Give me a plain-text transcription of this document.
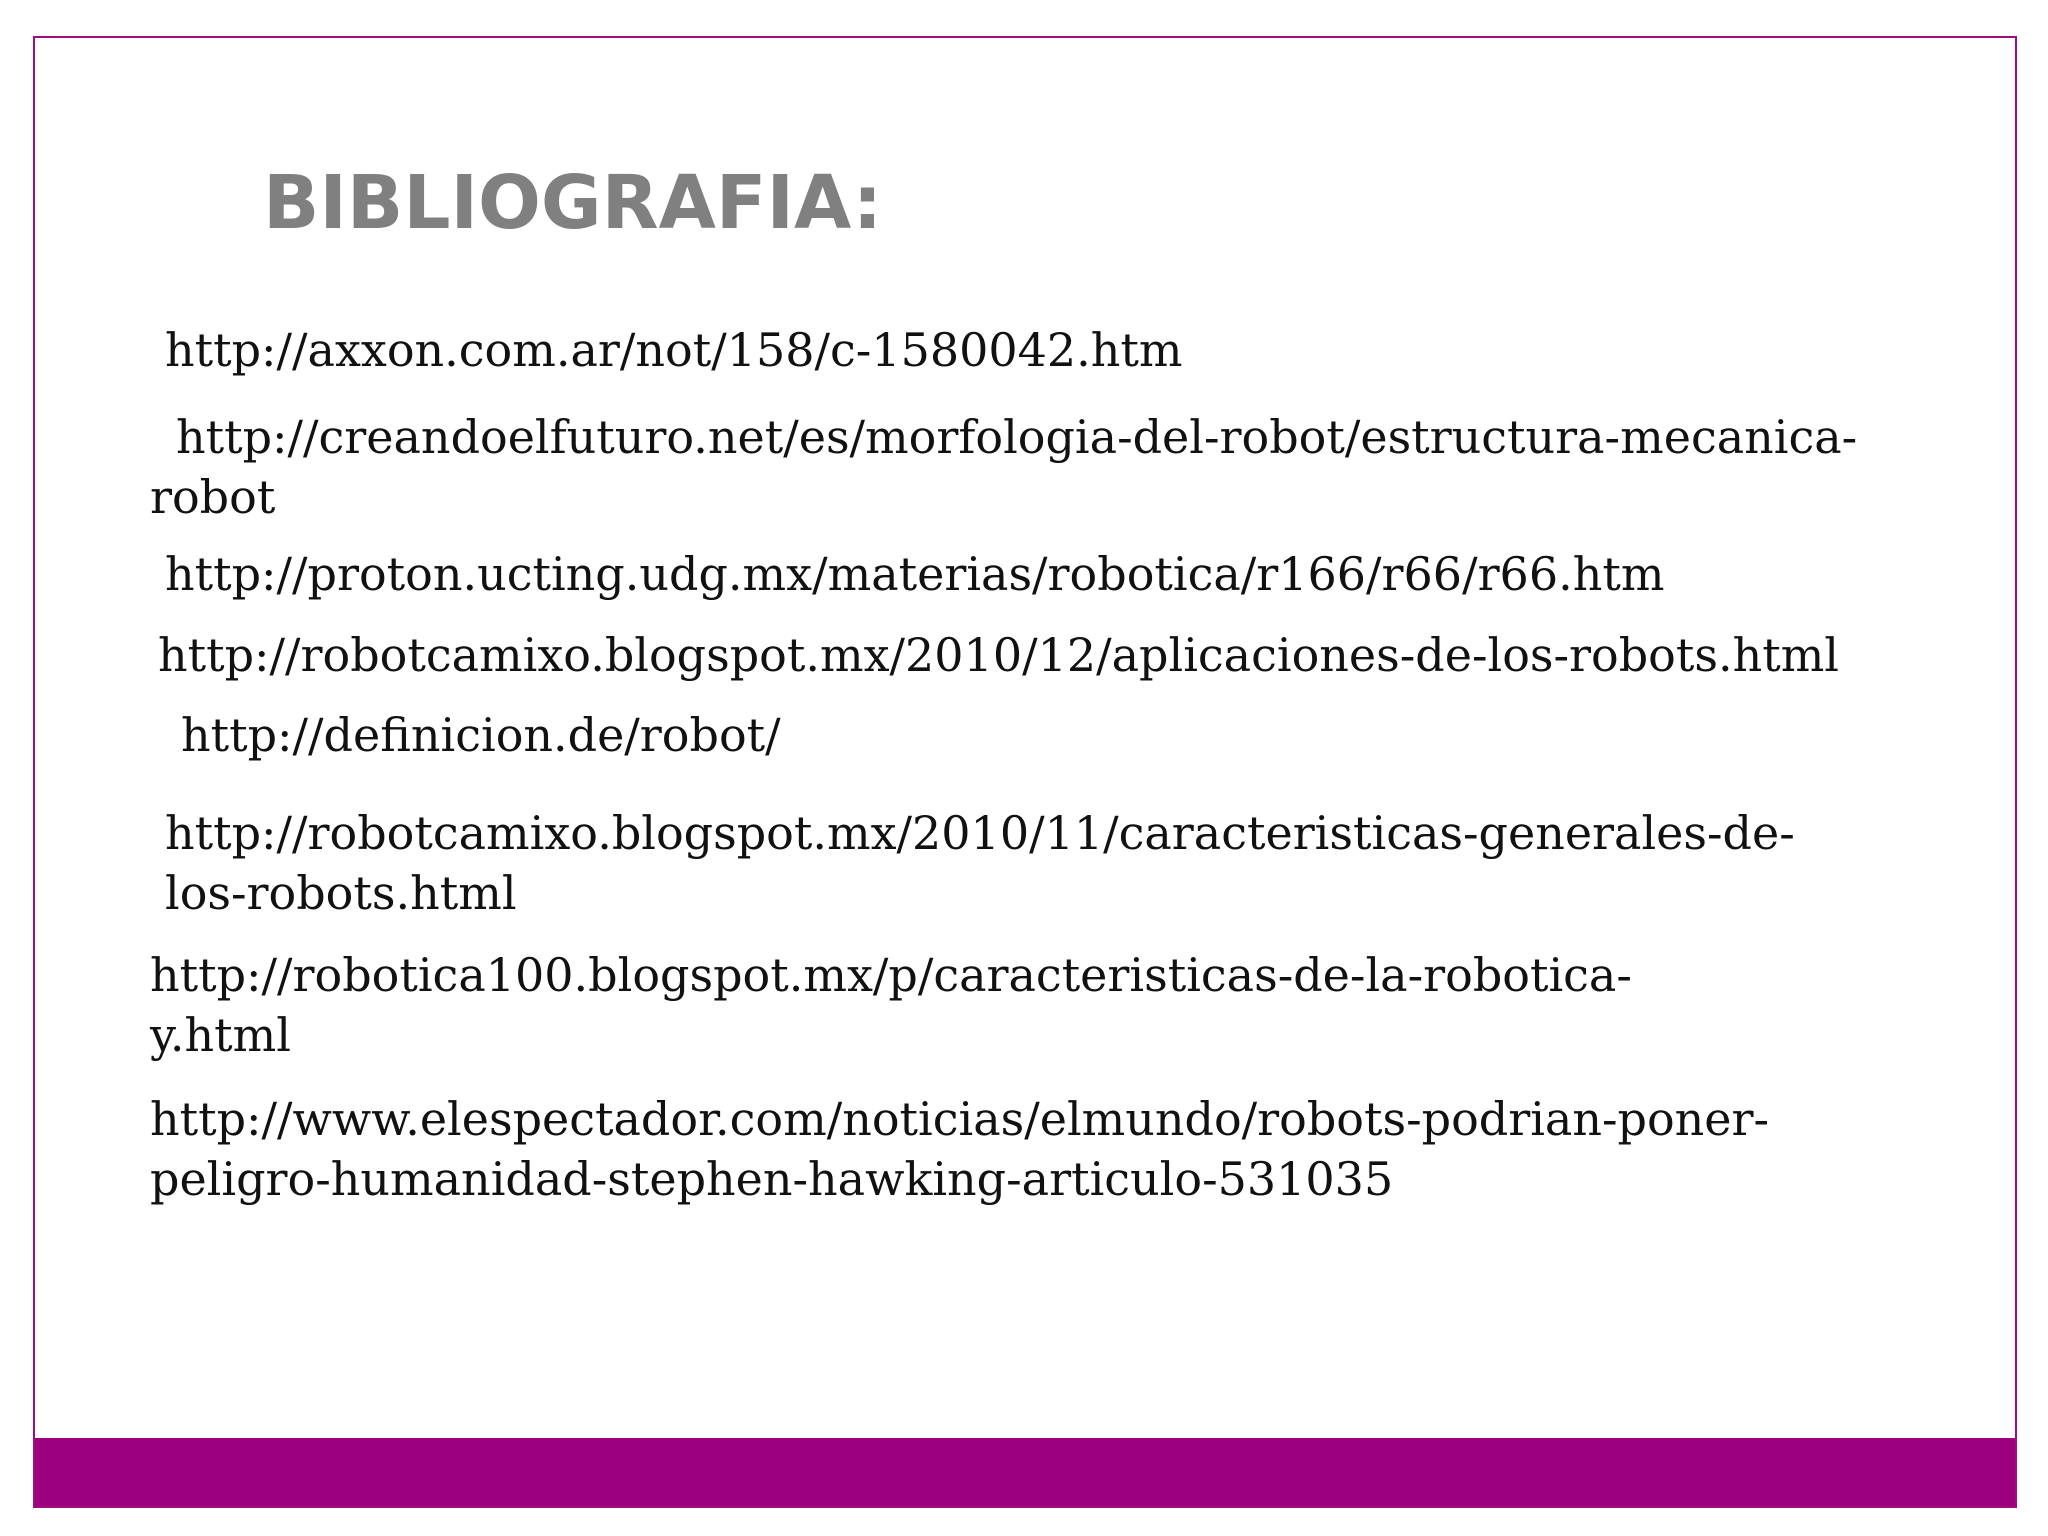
BIBLIOGRAFIA:
http://axxon.com.ar/not/158/c-1580042.htm
http://creandoelfuturo.net/es/morfologia-del-robot/estructura-mecanica-
robot
http://proton.ucting.udg.mx/materias/robotica/r166/r66/r66.htm
http://robotcamixo.blogspot.mx/2010/12/aplicaciones-de-los-robots.html
http://definicion.de/robot/
http://robotcamixo.blogspot.mx/2010/11/caracteristicas-generales-de-
los-robots.html
http://robotica100.blogspot.mx/p/caracteristicas-de-la-robotica-
y.html
http://www.elespectador.com/noticias/elmundo/robots-podrian-poner-
peligro-humanidad-stephen-hawking-articulo-531035
